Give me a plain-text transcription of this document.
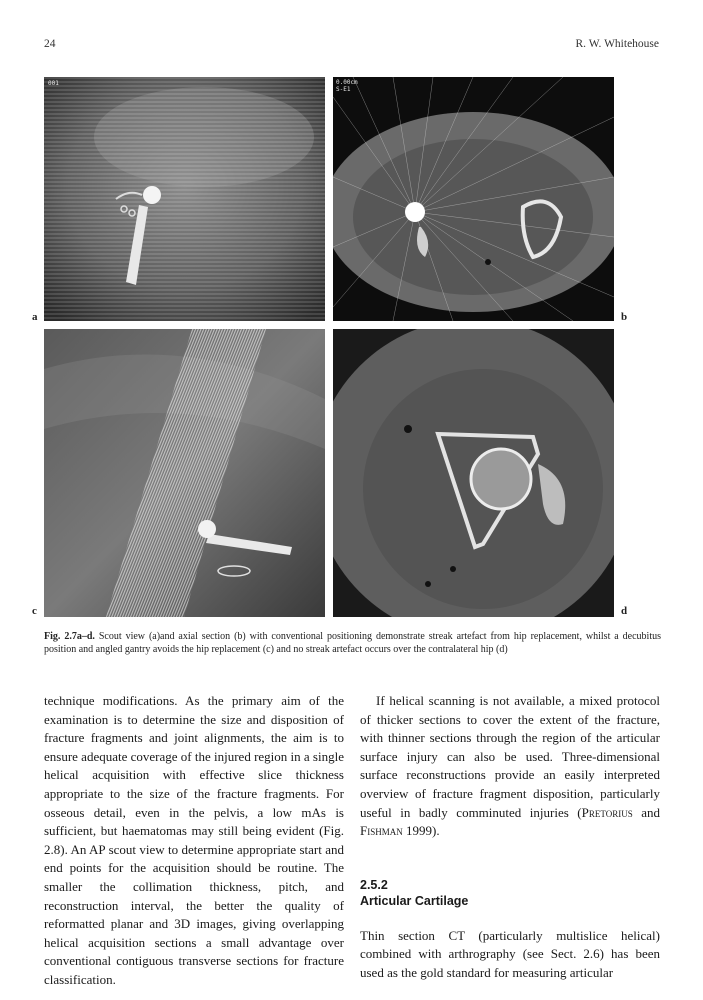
24	R. W. Whitehouse
001
a
0.00cm
S-E1
b
c	d
Fig. 2.7a–d. Scout view (a)and axial section (b) with conventional positioning demonstrate streak artefact from hip replacement, whilst a decubitus position and angled gantry avoids the hip replacement (c) and no streak artefact occurs over the contralateral hip (d)

technique modifications. As the primary aim of the examination is to determine the size and disposition of fracture fragments and joint alignments, the aim is to ensure adequate coverage of the injured region in a single helical acquisition with effective slice thickness appropriate to the size of the fracture fragments. For osseous detail, even in the pelvis, a low mAs is sufficient, but haematomas may still being evident (Fig. 2.8). An AP scout view to determine appropriate start and end points for the acquisition should be routine. The smaller the collimation thickness, pitch, and reconstruction interval, the better the quality of reformatted planar and 3D images, giving overlapping helical acquisition sections a small advantage over conventional contiguous transverse sections for fracture classification.

If helical scanning is not available, a mixed protocol of thicker sections to cover the extent of the fracture, with thinner sections through the region of the articular surface injury can also be used. Three-dimensional surface reconstructions provide an easily interpreted overview of fracture fragment disposition, particularly useful in badly comminuted injuries (Pretorius and Fishman 1999).

2.5.2
Articular Cartilage

Thin section CT (particularly multislice helical) combined with arthrography (see Sect. 2.6) has been used as the gold standard for measuring articular
